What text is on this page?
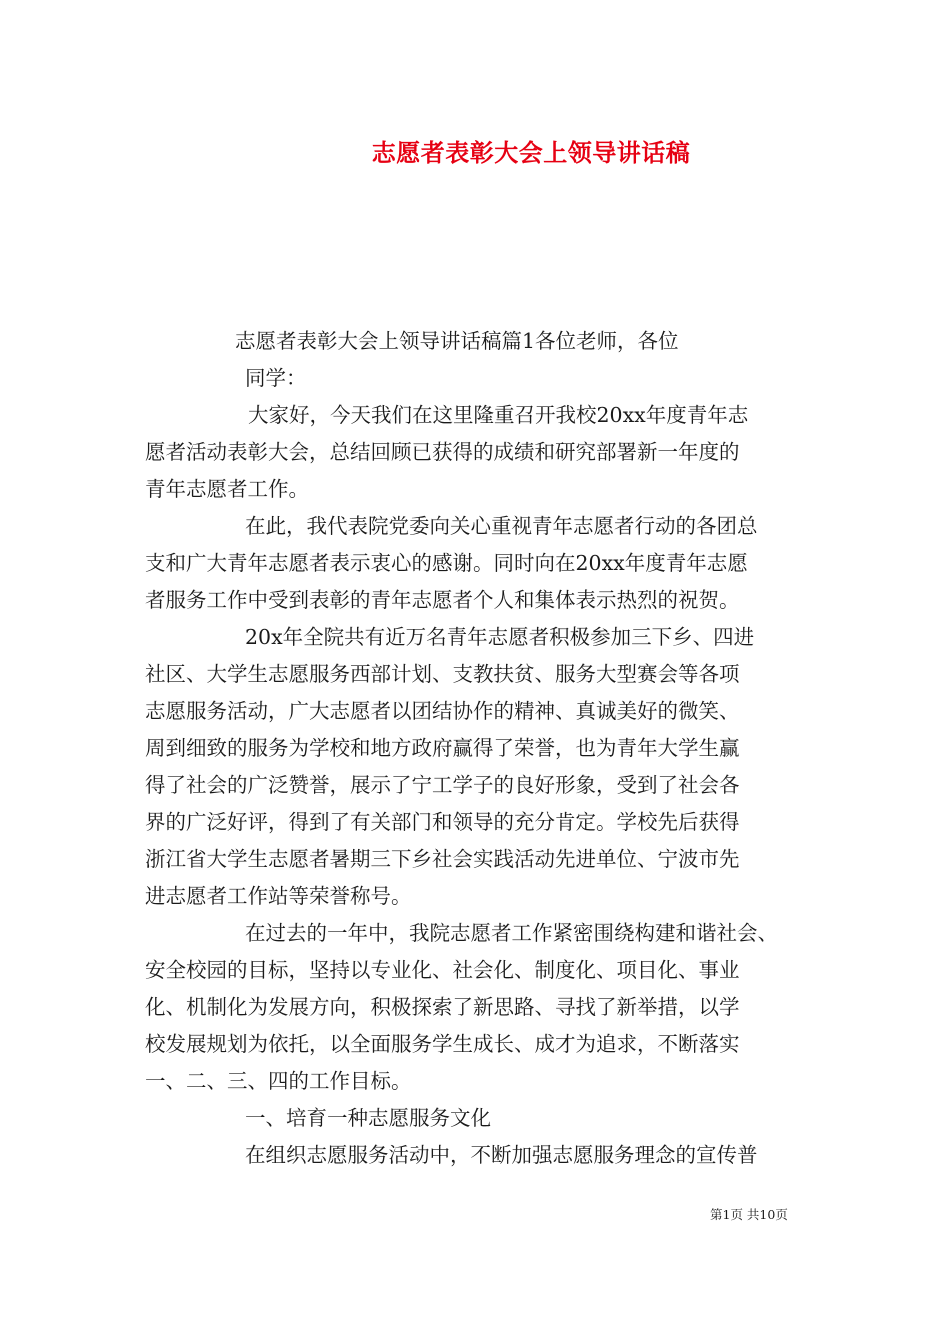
志愿者表彰大会上领导讲话稿

志愿者表彰大会上领导讲话稿篇1各位老师，各位

同学：

大家好，今天我们在这里隆重召开我校20xx年度青年志

愿者活动表彰大会，总结回顾已获得的成绩和研究部署新一年度的

青年志愿者工作。

在此，我代表院党委向关心重视青年志愿者行动的各团总

支和广大青年志愿者表示衷心的感谢。同时向在20xx年度青年志愿

者服务工作中受到表彰的青年志愿者个人和集体表示热烈的祝贺。

20x年全院共有近万名青年志愿者积极参加三下乡、四进

社区、大学生志愿服务西部计划、支教扶贫、服务大型赛会等各项

志愿服务活动，广大志愿者以团结协作的精神、真诚美好的微笑、

周到细致的服务为学校和地方政府赢得了荣誉，也为青年大学生赢

得了社会的广泛赞誉，展示了宁工学子的良好形象，受到了社会各

界的广泛好评，得到了有关部门和领导的充分肯定。学校先后获得

浙江省大学生志愿者暑期三下乡社会实践活动先进单位、宁波市先

进志愿者工作站等荣誉称号。

在过去的一年中，我院志愿者工作紧密围绕构建和谐社会、

安全校园的目标，坚持以专业化、社会化、制度化、项目化、事业

化、机制化为发展方向，积极探索了新思路、寻找了新举措，以学

校发展规划为依托，以全面服务学生成长、成才为追求，不断落实

一、二、三、四的工作目标。

一、培育一种志愿服务文化

在组织志愿服务活动中，不断加强志愿服务理念的宣传普

第1页 共10页
